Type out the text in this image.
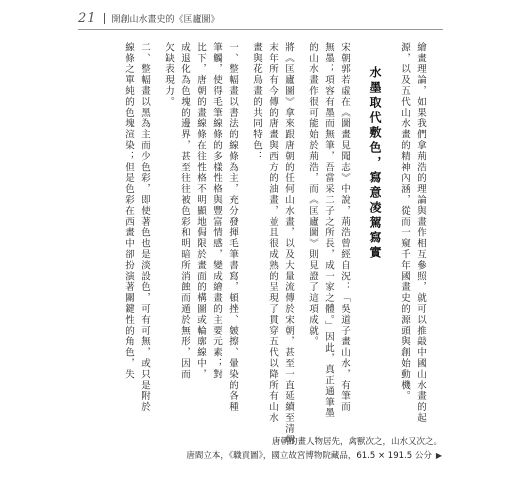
21 開創山水畫史的《匡廬圖》
繪畫理論，如果我們拿荊浩的理論與畫作相互參照，就可以推敲中國山水畫的起
源，以及五代山水畫的精神內涵，從而一窺千年國畫史的源頭與創始動機。
水墨取代敷色，寫意凌駕寫實
宋朝郭若虛在《圖畫見聞志》中說，荊浩曾經自況：「吳道子畫山水，有筆而
無墨；項容有墨而無筆，吾當采二子之所長，成一家之體。」因此，真正通筆墨
的山水畫作很可能始於荊浩，而《匡廬圖》則見證了這項成就。
將《匡廬圖》拿來跟唐朝的任何山水畫，以及大量流傳於宋朝，甚至一直延續至清朝
末年所有今傳的唐畫與西方的油畫，並且很成熟的呈現了貫穿五代以降所有山水
畫與花鳥畫的共同特色：
一、整幅畫以書法的線條為主，充分發揮毛筆書寫，頓挫、皴擦、暈染的各種
筆觸，使得毛筆線條的多樣性格與豐富情感，變成繪畫的主要元素；對
比下，唐朝的畫線條在往性格不明顯地侷限於畫面的構圖或輪廓線中，
成退化為色塊的邊界，甚至往往被色彩和明暗所消蝕而遁於無形，因而
欠缺表現力。
二、整幅畫以黑為主而少色彩，即使著色也是淡設色，可有可無，或只是附於
線條之單純的色塊渲染；但是色彩在西畫中卻扮演著關鍵性的角色，失
唐朝的畫人物居先，禽獸次之，山水又次之。
唐閻立本，《職貢圖》，國立故宮博物院藏品，61.5 × 191.5 公分 ▶
